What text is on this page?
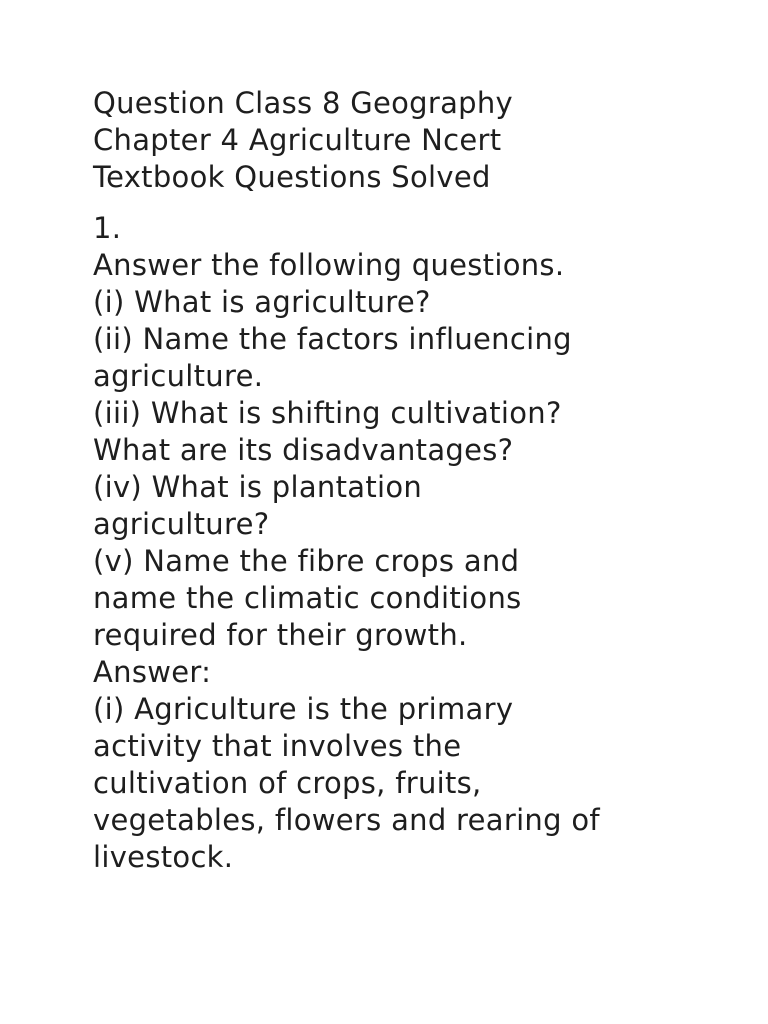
Question Class 8 Geography
Chapter 4 Agriculture Ncert
Textbook Questions Solved
1.
Answer the following questions.
(i) What is agriculture?
(ii) Name the factors influencing
agriculture.
(iii) What is shifting cultivation?
What are its disadvantages?
(iv) What is plantation
agriculture?
(v) Name the fibre crops and
name the climatic conditions
required for their growth.
Answer:
(i) Agriculture is the primary
activity that involves the
cultivation of crops, fruits,
vegetables, flowers and rearing of
livestock.
